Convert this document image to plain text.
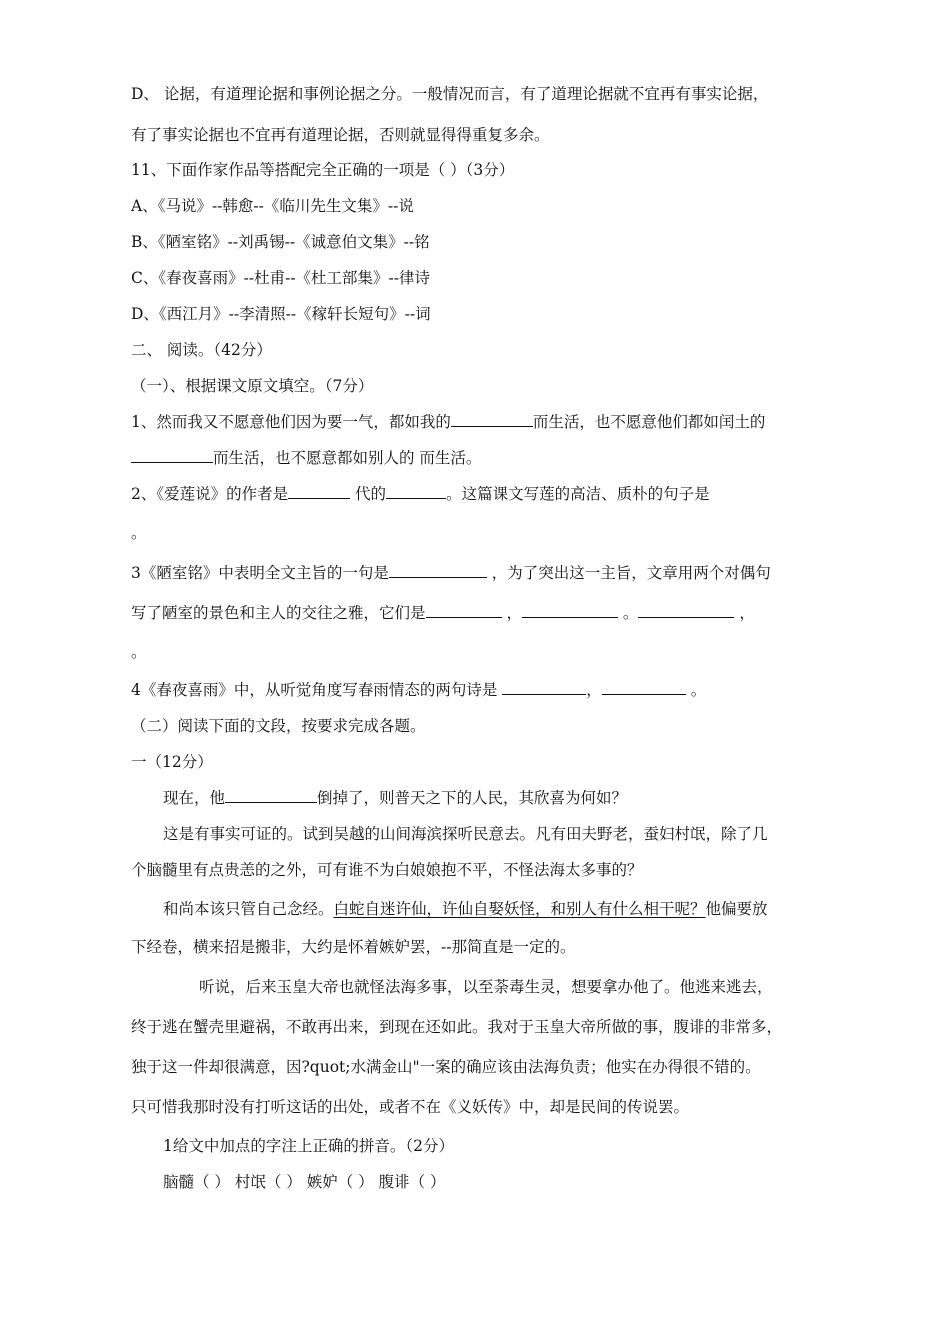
D、 论据，有道理论据和事例论据之分。一般情况而言，有了道理论据就不宜再有事实论据，
有了事实论据也不宜再有道理论据，否则就显得得重复多余。
11、下面作家作品等搭配完全正确的一项是（ ）（3分）
A、《马说》--韩愈--《临川先生文集》--说
B、《陋室铭》--刘禹锡--《诚意伯文集》--铭
C、《春夜喜雨》--杜甫--《杜工部集》--律诗
D、《西江月》--李清照--《稼轩长短句》--词
二、 阅读。（42分）
（一）、根据课文原文填空。（7分）
1、然而我又不愿意他们因为要一气，都如我的	而生活，也不愿意他们都如闰土的
而生活，也不愿意都如别人的 而生活。
2、《爱莲说》的作者是	代的	。这篇课文写莲的高洁、质朴的句子是
。
3《陋室铭》中表明全文主旨的一句是	，为了突出这一主旨，文章用两个对偶句
写了陋室的景色和主人的交往之雅，它们是	，	。	，
。
4《春夜喜雨》中，从听觉角度写春雨情态的两句诗是	，	。
（二）阅读下面的文段，按要求完成各题。
一（12分）
现在，他	倒掉了，则普天之下的人民，其欣喜为何如？
这是有事实可证的。试到吴越的山间海滨探听民意去。凡有田夫野老，蚕妇村氓，除了几
个脑髓里有点贵恙的之外，可有谁不为白娘娘抱不平，不怪法海太多事的？
和尚本该只管自己念经。白蛇自迷许仙，许仙自娶妖怪，和别人有什么相干呢？他偏要放
下经卷，横来招是搬非，大约是怀着嫉妒罢，--那简直是一定的。
听说，后来玉皇大帝也就怪法海多事，以至荼毒生灵，想要拿办他了。他逃来逃去，
终于逃在蟹壳里避祸，不敢再出来，到现在还如此。我对于玉皇大帝所做的事，腹诽的非常多，
独于这一件却很满意，因?quot;水满金山"一案的确应该由法海负责；他实在办得很不错的。
只可惜我那时没有打听这话的出处，或者不在《义妖传》中，却是民间的传说罢。
1给文中加点的字注上正确的拼音。（2分）
脑髓（ ） 村氓（ ） 嫉妒（ ） 腹诽（ ）
